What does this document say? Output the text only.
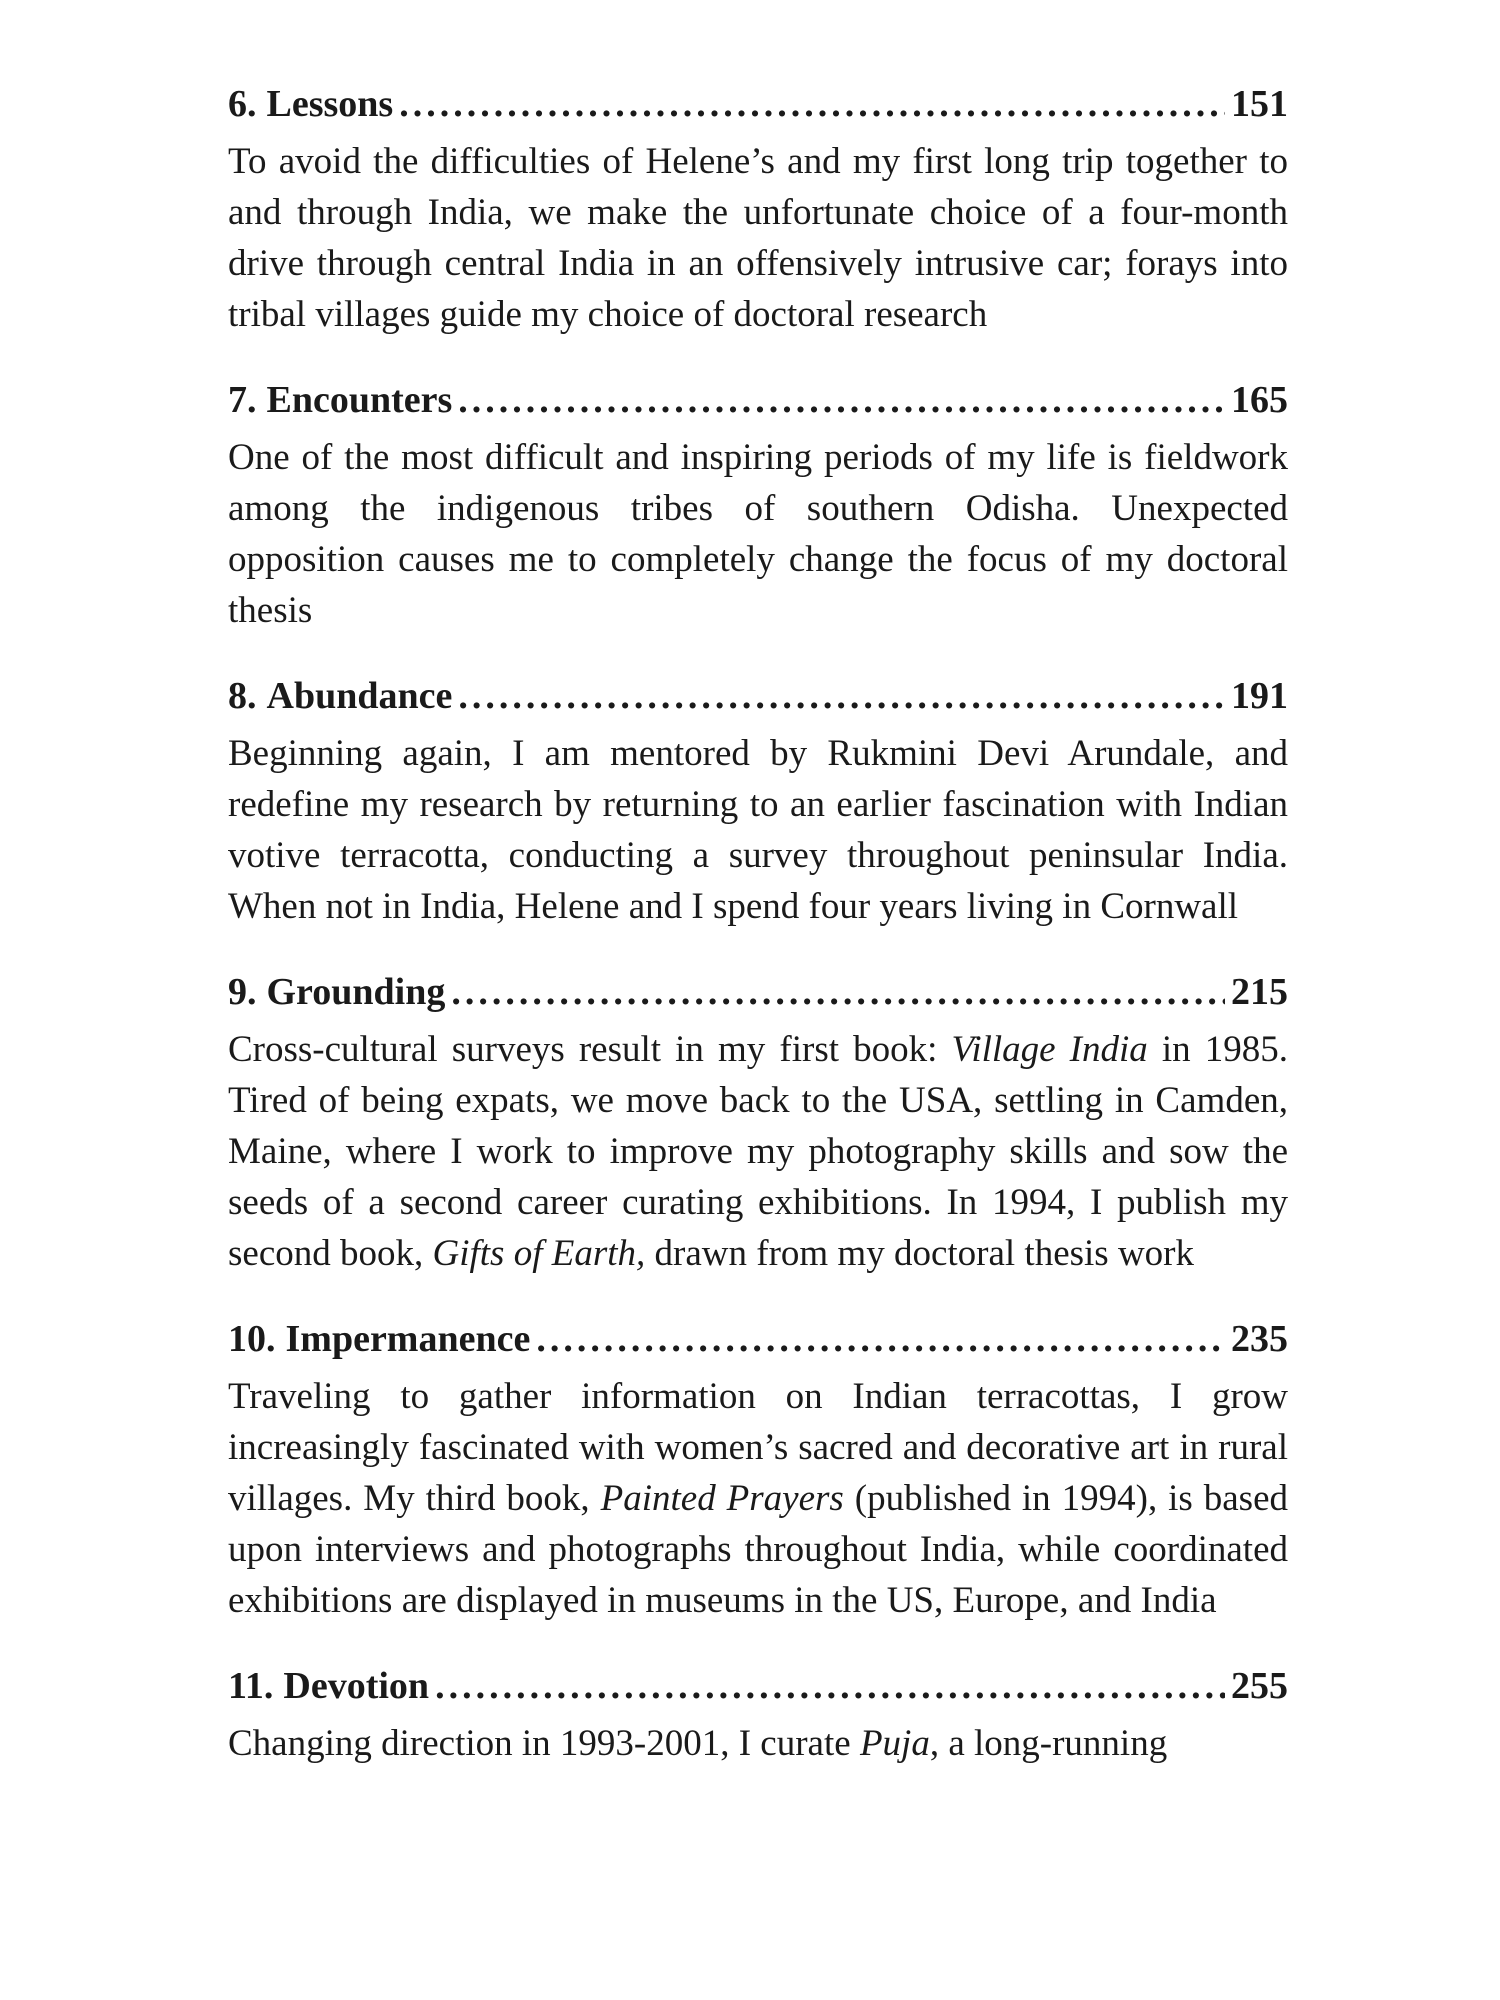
6. Lessons .....	151
To avoid the difficulties of Helene’s and my first long trip together to and through India, we make the unfortunate choice of a four-month drive through central India in an offensively intrusive car; forays into tribal villages guide my choice of doctoral research
7. Encounters .....	165
One of the most difficult and inspiring periods of my life is fieldwork among the indigenous tribes of southern Odisha. Unexpected opposition causes me to completely change the focus of my doctoral thesis
8. Abundance .....	191
Beginning again, I am mentored by Rukmini Devi Arundale, and redefine my research by returning to an earlier fascination with Indian votive terracotta, conducting a survey throughout peninsular India. When not in India, Helene and I spend four years living in Cornwall
9. Grounding .....	215
Cross-cultural surveys result in my first book: Village India in 1985. Tired of being expats, we move back to the USA, settling in Camden, Maine, where I work to improve my photography skills and sow the seeds of a second career curating exhibitions. In 1994, I publish my second book, Gifts of Earth, drawn from my doctoral thesis work
10. Impermanence .....	235
Traveling to gather information on Indian terracottas, I grow increasingly fascinated with women’s sacred and decorative art in rural villages. My third book, Painted Prayers (published in 1994), is based upon interviews and photographs throughout India, while coordinated exhibitions are displayed in museums in the US, Europe, and India
11. Devotion .....	255
Changing direction in 1993-2001, I curate Puja, a long-running
